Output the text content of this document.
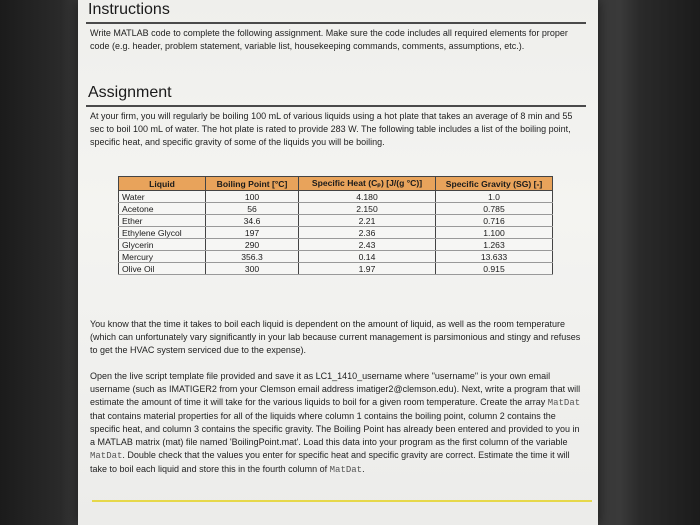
Instructions
Write MATLAB code to complete the following assignment. Make sure the code includes all required elements for proper code (e.g. header, problem statement, variable list, housekeeping commands, comments, assumptions, etc.).
Assignment
At your firm, you will regularly be boiling 100 mL of various liquids using a hot plate that takes an average of 8 min and 55 sec to boil 100 mL of water. The hot plate is rated to provide 283 W. The following table includes a list of the boiling point, specific heat, and specific gravity of some of the liquids you will be boiling.
Liquid	Boiling Point [°C]	Specific Heat (Cₚ) [J/(g °C)]	Specific Gravity (SG) [-]
Water	100	4.180	1.0
Acetone	56	2.150	0.785
Ether	34.6	2.21	0.716
Ethylene Glycol	197	2.36	1.100
Glycerin	290	2.43	1.263
Mercury	356.3	0.14	13.633
Olive Oil	300	1.97	0.915
You know that the time it takes to boil each liquid is dependent on the amount of liquid, as well as the room temperature (which can unfortunately vary significantly in your lab because current management is parsimonious and stingy and refuses to get the HVAC system serviced due to the expense).
Open the live script template file provided and save it as LC1_1410_username where "username" is your own email username (such as IMATIGER2 from your Clemson email address imatiger2@clemson.edu). Next, write a program that will estimate the amount of time it will take for the various liquids to boil for a given room temperature. Create the array MatDat that contains material properties for all of the liquids where column 1 contains the boiling point, column 2 contains the specific heat, and column 3 contains the specific gravity. The Boiling Point has already been entered and provided to you in a MATLAB matrix (mat) file named 'BoilingPoint.mat'. Load this data into your program as the first column of the variable MatDat. Double check that the values you enter for specific heat and specific gravity are correct. Estimate the time it will take to boil each liquid and store this in the fourth column of MatDat.
